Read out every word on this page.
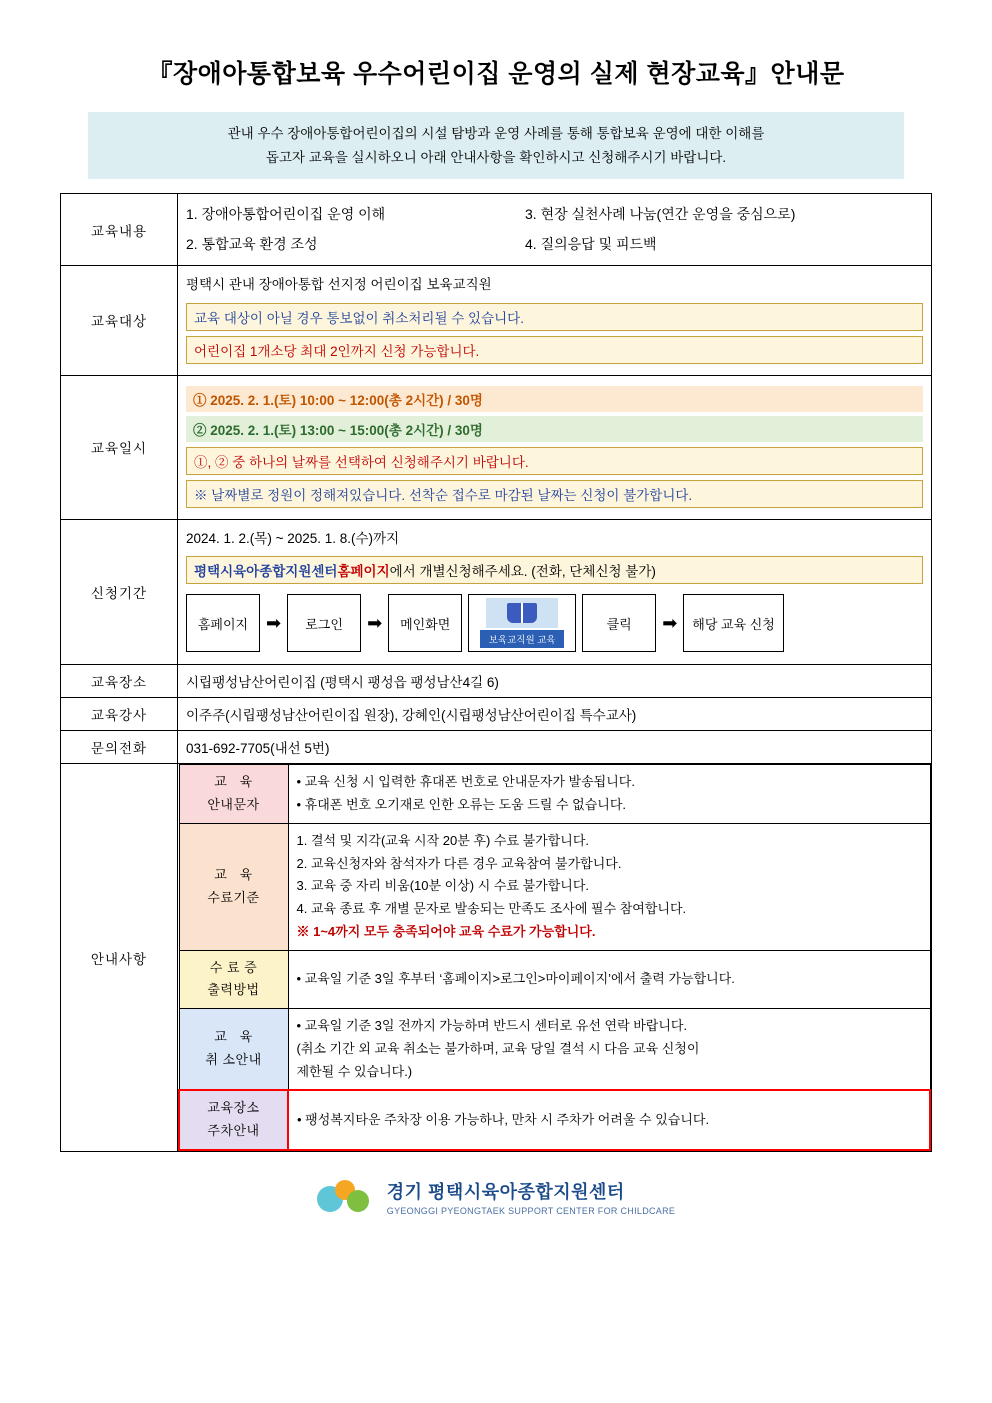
『장애아통합보육 우수어린이집 운영의 실제 현장교육』안내문
관내 우수 장애아통합어린이집의 시설 탐방과 운영 사례를 통해 통합보육 운영에 대한 이해를
돕고자 교육을 실시하오니 아래 안내사항을 확인하시고 신청해주시기 바랍니다.
교육내용	
1. 장애아통합어린이집 운영 이해	3. 현장 실천사례 나눔(연간 운영을 중심으로)
2. 통합교육 환경 조성	4. 질의응답 및 피드백

교육대상	
평택시 관내 장애아통합 선지정 어린이집 보육교직원
교육 대상이 아닐 경우 통보없이 취소처리될 수 있습니다.
어린이집 1개소당 최대 2인까지 신청 가능합니다.

교육일시	
① 2025. 2. 1.(토) 10:00 ~ 12:00(총 2시간) / 30명
② 2025. 2. 1.(토) 13:00 ~ 15:00(총 2시간) / 30명
①, ② 중 하나의 날짜를 선택하여 신청해주시기 바랍니다.
※ 날짜별로 정원이 정해져있습니다. 선착순 접수로 마감된 날짜는 신청이 불가합니다.

신청기간	
2024. 1. 2.(목) ~ 2025. 1. 8.(수)까지
평택시육아종합지원센터홈페이지에서 개별신청해주세요. (전화, 단체신청 불가)
홈페이지 ➡	로그인	➡	메인화면
보육교직원 교육
클릭	➡	해당 교육 신청

교육장소	시립팽성남산어린이집 (평택시 팽성읍 팽성남산4길 6)
교육강사	이주주(시립팽성남산어린이집 원장), 강혜인(시립팽성남산어린이집 특수교사)
문의전화	031-692-7705(내선 5번)
안내사항	
교   육
안내문자	
• 교육 신청 시 입력한 휴대폰 번호로 안내문자가 발송됩니다.
• 휴대폰 번호 오기재로 인한 오류는 도움 드릴 수 없습니다.

교   육
수료기준	
1. 결석 및 지각(교육 시작 20분 후) 수료 불가합니다.
2. 교육신청자와 참석자가 다른 경우 교육참여 불가합니다.
3. 교육 중 자리 비움(10분 이상) 시 수료 불가합니다.
4. 교육 종료 후 개별 문자로 발송되는 만족도 조사에 필수 참여합니다.
※ 1~4까지 모두 충족되어야 교육 수료가 가능합니다.

수 료 증
출력방법	
• 교육일 기준 3일 후부터 ‘홈페이지>로그인>마이페이지’에서 출력 가능합니다.

교   육
취 소안내	
• 교육일 기준 3일 전까지 가능하며 반드시 센터로 유선 연락 바랍니다.
(취소 기간 외 교육 취소는 불가하며, 교육 당일 결석 시 다음 교육 신청이
제한될 수 있습니다.)

교육장소
주차안내	
• 팽성복지타운 주차장 이용 가능하나, 만차 시 주차가 어려울 수 있습니다.
경기 평택시육아종합지원센터
GYEONGGI PYEONGTAEK SUPPORT CENTER FOR CHILDCARE
